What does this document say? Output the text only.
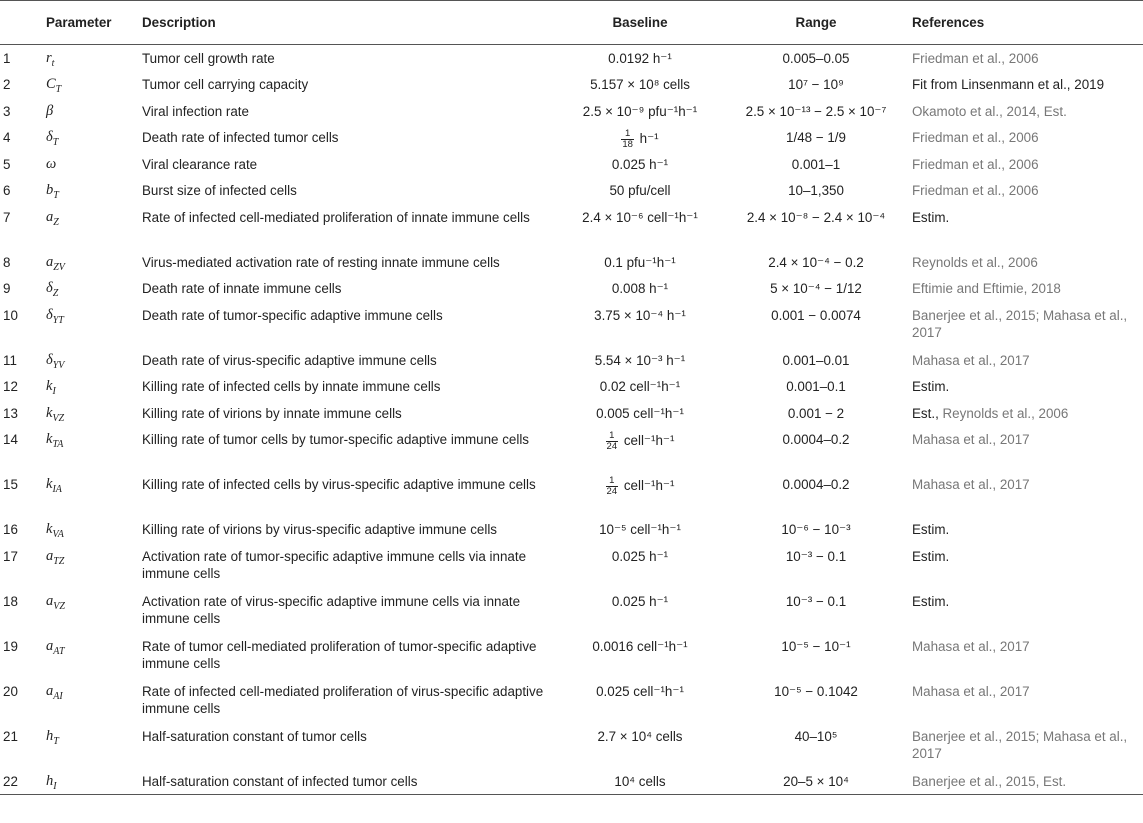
	Parameter	Description	Baseline	Range	References
1	$r_t$	Tumor cell growth rate	0.0192 h⁻¹	0.005–0.05	Friedman et al., 2006
2	$C_T$	Tumor cell carrying capacity	5.157 × 10⁸ cells	10⁷ − 10⁹	Fit from Linsenmann et al., 2019
3	β	Viral infection rate	2.5 × 10⁻⁹ pfu⁻¹h⁻¹	2.5 × 10⁻¹³ − 2.5 × 10⁻⁷	Okamoto et al., 2014, Est.
4	$\delta_T$	Death rate of infected tumor cells	$\frac{1}{18} h^{-1}$	1/48 − 1/9	Friedman et al., 2006
5	ω	Viral clearance rate	0.025 h⁻¹	0.001–1	Friedman et al., 2006
6	$b_T$	Burst size of infected cells	50 pfu/cell	10–1,350	Friedman et al., 2006
7	$a_Z$	Rate of infected cell-mediated proliferation of innate immune cells	2.4 × 10⁻⁶ cell⁻¹h⁻¹	2.4 × 10⁻⁸ − 2.4 × 10⁻⁴	Estim.
8	$a_{ZV}$	Virus-mediated activation rate of resting innate immune cells	0.1 pfu⁻¹h⁻¹	2.4 × 10⁻⁴ − 0.2	Reynolds et al., 2006
9	$\delta_Z$	Death rate of innate immune cells	0.008 h⁻¹	5 × 10⁻⁴ − 1/12	Eftimie and Eftimie, 2018
10	$\delta_{YT}$	Death rate of tumor-specific adaptive immune cells	3.75 × 10⁻⁴ h⁻¹	0.001 − 0.0074	Banerjee et al., 2015; Mahasa et al., 2017
11	$\delta_{YV}$	Death rate of virus-specific adaptive immune cells	5.54 × 10⁻³ h⁻¹	0.001–0.01	Mahasa et al., 2017
12	$k_I$	Killing rate of infected cells by innate immune cells	0.02 cell⁻¹h⁻¹	0.001–0.1	Estim.
13	$k_{VZ}$	Killing rate of virions by innate immune cells	0.005 cell⁻¹h⁻¹	0.001 − 2	Est., Reynolds et al., 2006
14	$k_{TA}$	Killing rate of tumor cells by tumor-specific adaptive immune cells	$\frac{1}{24}$ cell⁻¹h⁻¹	0.0004–0.2	Mahasa et al., 2017
15	$k_{IA}$	Killing rate of infected cells by virus-specific adaptive immune cells	$\frac{1}{24}$ cell⁻¹h⁻¹	0.0004–0.2	Mahasa et al., 2017
16	$k_{VA}$	Killing rate of virions by virus-specific adaptive immune cells	10⁻⁵ cell⁻¹h⁻¹	10⁻⁶ − 10⁻³	Estim.
17	$a_{TZ}$	Activation rate of tumor-specific adaptive immune cells via innate immune cells	0.025 h⁻¹	10⁻³ − 0.1	Estim.
18	$a_{VZ}$	Activation rate of virus-specific adaptive immune cells via innate immune cells	0.025 h⁻¹	10⁻³ − 0.1	Estim.
19	$a_{AT}$	Rate of tumor cell-mediated proliferation of tumor-specific adaptive immune cells	0.0016 cell⁻¹h⁻¹	10⁻⁵ − 10⁻¹	Mahasa et al., 2017
20	$a_{AI}$	Rate of infected cell-mediated proliferation of virus-specific adaptive immune cells	0.025 cell⁻¹h⁻¹	10⁻⁵ − 0.1042	Mahasa et al., 2017
21	$h_T$	Half-saturation constant of tumor cells	2.7 × 10⁴ cells	40–10⁵	Banerjee et al., 2015; Mahasa et al., 2017
22	$h_I$	Half-saturation constant of infected tumor cells	10⁴ cells	20–5 × 10⁴	Banerjee et al., 2015, Est.
